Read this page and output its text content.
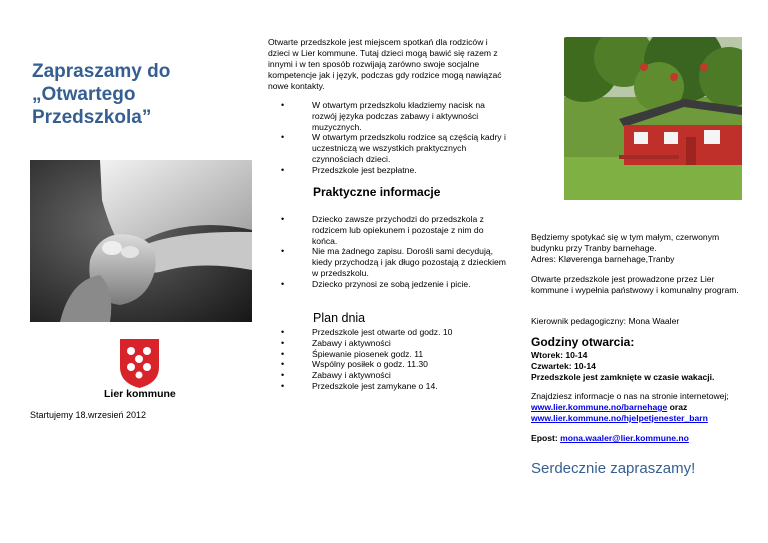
Zapraszamy do
„Otwartego
Przedszkola”
Lier kommune
Startujemy 18.wrzesień 2012
Otwarte przedszkole jest miejscem spotkań dla rodziców i dzieci w Lier kommune. Tutaj dzieci mogą bawić się razem z innymi i w ten sposób rozwijają zarówno swoje socjalne kompetencje jak i język, podczas gdy rodzice mogą nawiązać nowe kontakty.
• W otwartym przedszkolu kładziemy nacisk na rozwój języka podczas zabawy i aktywności muzycznych.
• W otwartym przedszkolu rodzice są częścią kadry i uczestniczą we wszystkich praktycznych czynnościach dzieci.
• Przedszkole jest bezpłatne.
Praktyczne informacje
• Dziecko zawsze przychodzi do przedszkola z rodzicem lub opiekunem i pozostaje z nim do końca.
• Nie ma żadnego zapisu. Dorośli sami decydują, kiedy przychodzą i jak długo pozostają z dzieckiem w przedszkolu.
• Dziecko przynosi ze sobą jedzenie i picie.
Plan dnia
• Przedszkole jest otwarte od godz. 10
• Zabawy i aktywności
• Śpiewanie piosenek godz. 11
• Wspólny posiłek o godz. 11.30
• Zabawy i aktywności
• Przedszkole jest zamykane o 14.
Będziemy spotykać się w tym małym, czerwonym budynku przy Tranby barnehage.
Adres: Kløverenga barnehage,Tranby
Otwarte przedszkole jest prowadzone przez Lier kommune i wypełnia państwowy i komunalny program.
Kierownik pedagogiczny: Mona Waaler
Godziny otwarcia:
Wtorek: 10-14
Czwartek: 10-14
Przedszkole jest zamknięte w czasie wakacji.
Znajdziesz informacje o nas na stronie internetowej;
www.lier.kommune.no/barnehage oraz
www.lier.kommune.no/hjelpetjenester_barn
Epost: mona.waaler@lier.kommune.no
Serdecznie zapraszamy!
